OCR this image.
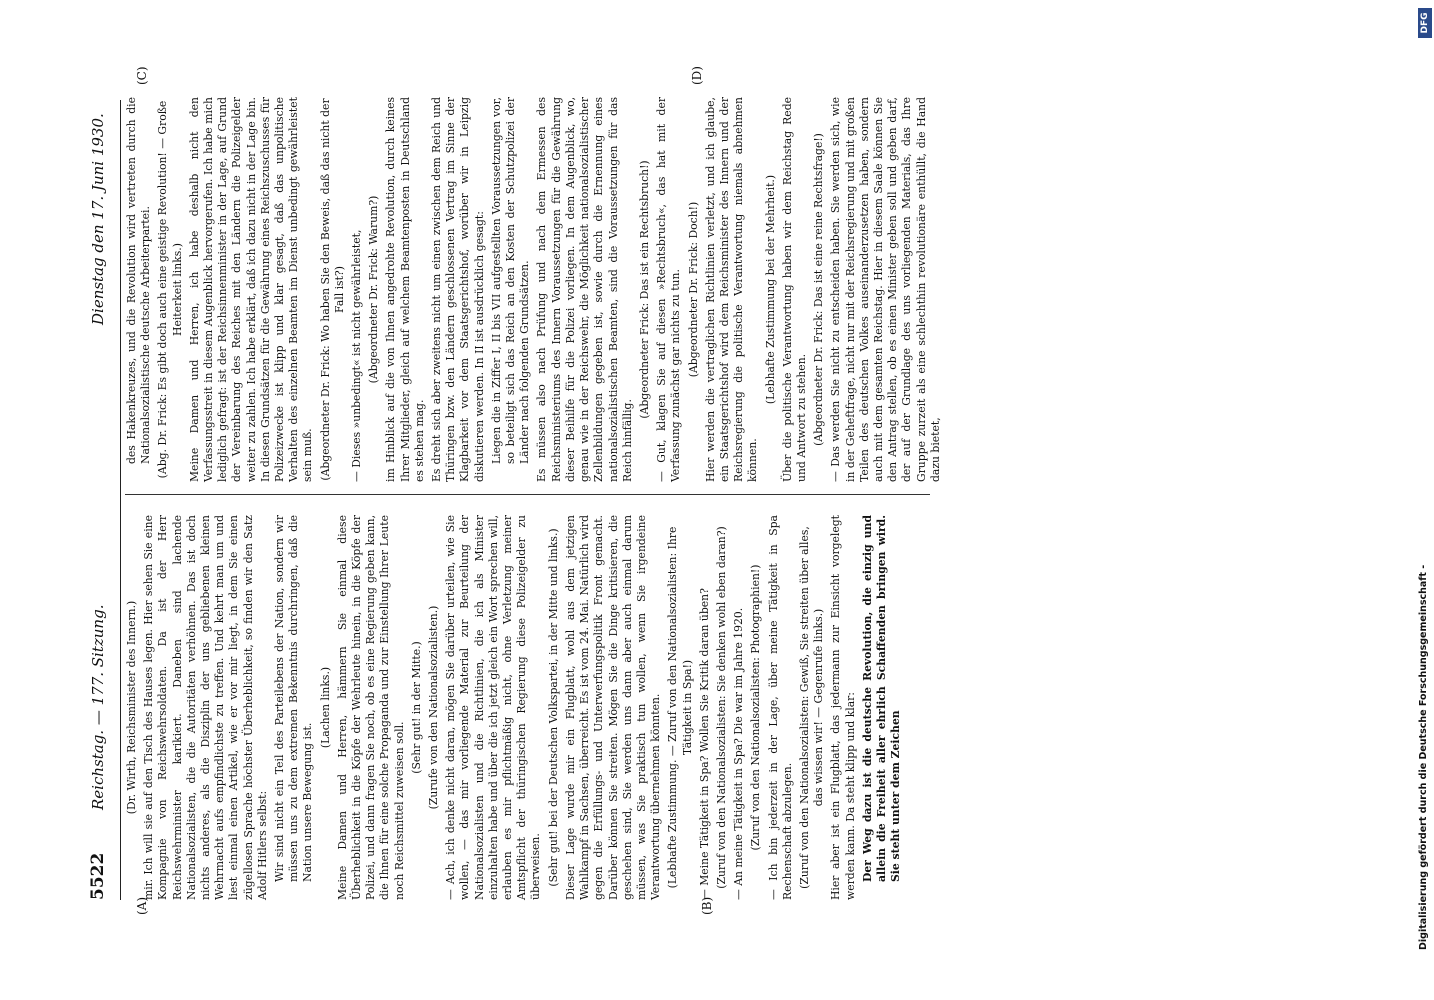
5522
Reichstag. — 177. Sitzung.
Dienstag den 17. Juni 1930.
(A)	(B)
(C)	(D)

(Dr. Wirth, Reichsminister des Innern.) mir. Ich will sie auf den Tisch des Hauses legen. Hier sehen Sie eine Kompagnie von Reichswehrsoldaten. Da ist der Herr Reichswehrminister karikiert. Daneben sind lachende Nationalsozialisten, die die Autoritäten verhöhnen. Das ist doch nichts anderes, als die Disziplin der uns gebliebenen kleinen Wehrmacht aufs empfindlichste zu treffen. Und kehrt man um und liest einmal einen Artikel, wie er vor mir liegt, in dem Sie einen zügellosen Sprache höchster Überheblichkeit, so finden wir den Satz Adolf Hitlers selbst: Wir sind nicht ein Teil des Parteilebens der Nation, sondern wir müssen uns zu dem extremen Bekenntnis durchringen, daß die Nation unsere Bewegung ist.

(Lachen links.) Meine Damen und Herren, hämmern Sie einmal diese Überheblichkeit in die Köpfe der Wehrleute hinein, in die Köpfe der Polizei, und dann fragen Sie noch, ob es eine Regierung geben kann, die Ihnen für eine solche Propaganda und zur Einstellung Ihrer Leute noch Reichsmittel zuweisen soll.

(Sehr gut! in der Mitte.) (Zurufe von den Nationalsozialisten.) — Ach, ich denke nicht daran, mögen Sie darüber urteilen, wie Sie wollen, — das mir vorliegende Material zur Beurteilung der Nationalsozialisten und die Richtlinien, die ich als Minister einzuhalten habe und über die ich jetzt gleich ein Wort sprechen will, erlauben es mir pflichtmäßig nicht, ohne Verletzung meiner Amtspflicht der thüringischen Regierung diese Polizeigelder zu überweisen. (Sehr gut! bei der Deutschen Volkspartei, in der Mitte und links.) Dieser Lage wurde mir ein Flugblatt, wohl aus dem jetzigen Wahlkampf in Sachsen, überreicht. Es ist vom 24. Mai. Natürlich wird gegen die Erfüllungs- und Unterwerfungspolitik Front gemacht. Darüber können Sie streiten. Mögen Sie die Dinge kritisieren, die geschehen sind, Sie werden uns dann aber auch einmal darum müssen, was Sie praktisch tun wollen, wenn Sie irgendeine Verantwortung übernehmen könnten. (Lebhafte Zustimmung. — Zuruf von den Nationalsozialisten: Ihre Tätigkeit in Spa!) — Meine Tätigkeit in Spa? Wollen Sie Kritik daran üben? (Zuruf von den Nationalsozialisten: Sie denken wohl eben daran?) — An meine Tätigkeit in Spa? Die war im Jahre 1920. (Zuruf von den Nationalsozialisten: Photographien!) — Ich bin jederzeit in der Lage, über meine Tätigkeit in Spa Rechenschaft abzulegen. (Zuruf von den Nationalsozialisten: Gewiß, Sie streiten über alles, das wissen wir! — Gegenrufe links.) Hier aber ist ein Flugblatt, das jedermann zur Einsicht vorgelegt werden kann. Da steht klipp und klar: Der Weg dazu ist die deutsche Revolution, die einzig und allein die Freiheit aller ehrlich Schaffenden bringen wird. Sie steht unter dem Zeichen

des Hakenkreuzes, und die Revolution wird vertreten durch die Nationalsozialistische deutsche Arbeiterpartei. (Abg. Dr. Frick: Es gibt doch auch eine geistige Revolution! — Große Heiterkeit links.) Meine Damen und Herren, ich habe deshalb nicht den Verfassungsstreit in diesem Augenblick hervorgerufen. Ich habe mich lediglich gefragt: ist der Reichsinnenminister in der Lage, auf Grund der Vereinbarung des Reiches mit den Ländern die Polizeigelder weiter zu zahlen. Ich habe erklärt, daß ich dazu nicht in der Lage bin. In diesen Grundsätzen für die Gewährung eines Reichszuschusses für Polizeizwecke ist klipp und klar gesagt, daß das unpolitische Verhalten des einzelnen Beamten im Dienst unbedingt gewährleistet sein muß. (Abgeordneter Dr. Frick: Wo haben Sie den Beweis, daß das nicht der Fall ist?) — Dieses »unbedingt« ist nicht gewährleistet, (Abgeordneter Dr. Frick: Warum?) im Hinblick auf die von Ihnen angedrohte Revolution, durch keines Ihrer Mitglieder, gleich auf welchem Beamtenposten in Deutschland es stehen mag. Es dreht sich aber zweitens nicht um einen zwischen dem Reich und Thüringen bzw. den Ländern geschlossenen Vertrag im Sinne der Klagbarkeit vor dem Staatsgerichtshof, worüber wir in Leipzig diskutieren werden. In II ist ausdrücklich gesagt: Liegen die in Ziffer I, II bis VII aufgestellten Voraussetzungen vor, so beteiligt sich das Reich an den Kosten der Schutzpolizei der Länder nach folgenden Grundsätzen. Es müssen also nach Prüfung und nach dem Ermessen des Reichsministeriums des Innern Voraussetzungen für die Gewährung dieser Beihilfe für die Polizei vorliegen. In dem Augenblick, wo, genau wie in der Reichswehr, die Möglichkeit nationalsozialistischer Zellenbildungen gegeben ist, sowie durch die Ernennung eines nationalsozialistischen Beamten, sind die Voraussetzungen für das Reich hinfällig.

(Abgeordneter Frick: Das ist ein Rechtsbruch!) — Gut, klagen Sie auf diesen »Rechtsbruch«, das hat mit der Verfassung zunächst gar nichts zu tun. (Abgeordneter Dr. Frick: Doch!) Hier werden die vertraglichen Richtlinien verletzt, und ich glaube, ein Staatsgerichtshof wird dem Reichsminister des Innern und der Reichsregierung die politische Verantwortung niemals abnehmen können.

(Lebhafte Zustimmung bei der Mehrheit.) Über die politische Verantwortung haben wir dem Reichstag Rede und Antwort zu stehen. (Abgeordneter Dr. Frick: Das ist eine reine Rechtsfrage!) — Das werden Sie nicht zu entscheiden haben. Sie werden sich, wie in der Geheftfrage, nicht nur mit der Reichsregierung und mit großen Teilen des deutschen Volkes auseinanderzusetzen haben, sondern auch mit dem gesamten Reichstag. Hier in diesem Saale können Sie den Antrag stellen, ob es einen Minister geben soll und geben darf, der auf der Grundlage des uns vorliegenden Materials, das Ihre Gruppe zurzeit als eine schlechthin revolutionäre enthüllt, die Hand dazu bietet,

Digitalisierung gefördert durch die Deutsche Forschungsgemeinschaft -
DFG
